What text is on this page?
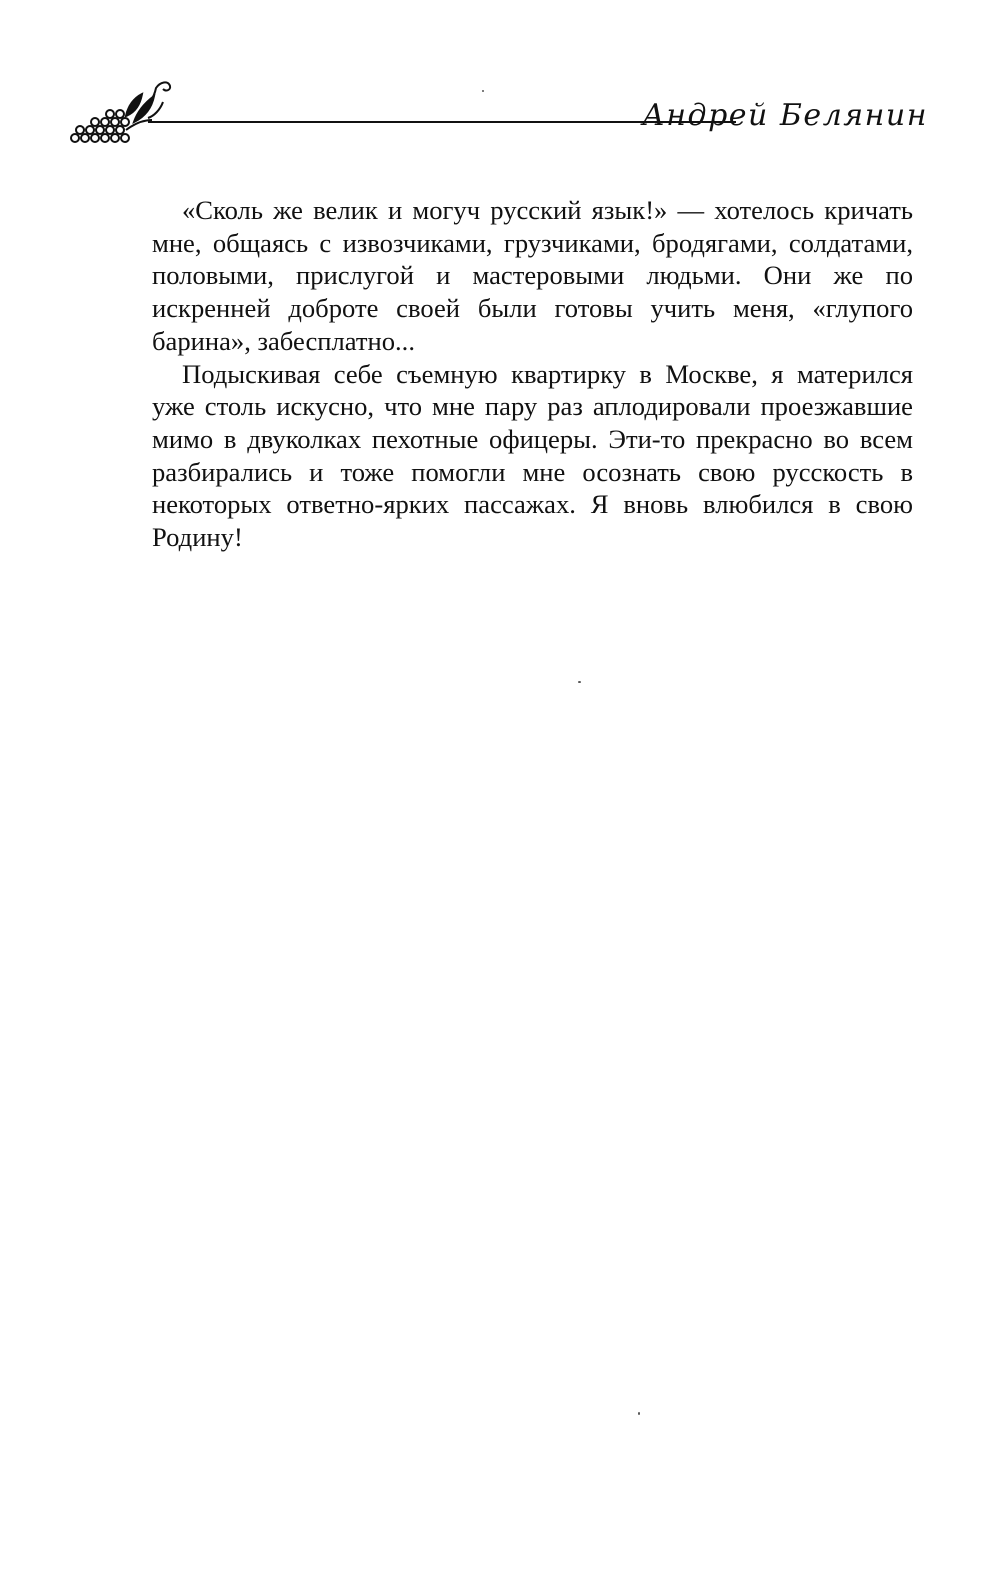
Андрей Белянин

«Сколь же велик и могуч русский язык!» — хотелось кричать мне, общаясь с извозчиками, грузчиками, бродягами, солдатами, половыми, прислугой и мастеровыми людьми. Они же по искренней доброте своей были готовы учить меня, «глупого барина», забесплатно...

Подыскивая себе съемную квартирку в Москве, я матерился уже столь искусно, что мне пару раз аплодировали проезжавшие мимо в двуколках пехотные офицеры. Эти-то прекрасно во всем разбирались и тоже помогли мне осознать свою русскость в некоторых ответно-ярких пассажах. Я вновь влюбился в свою Родину!
